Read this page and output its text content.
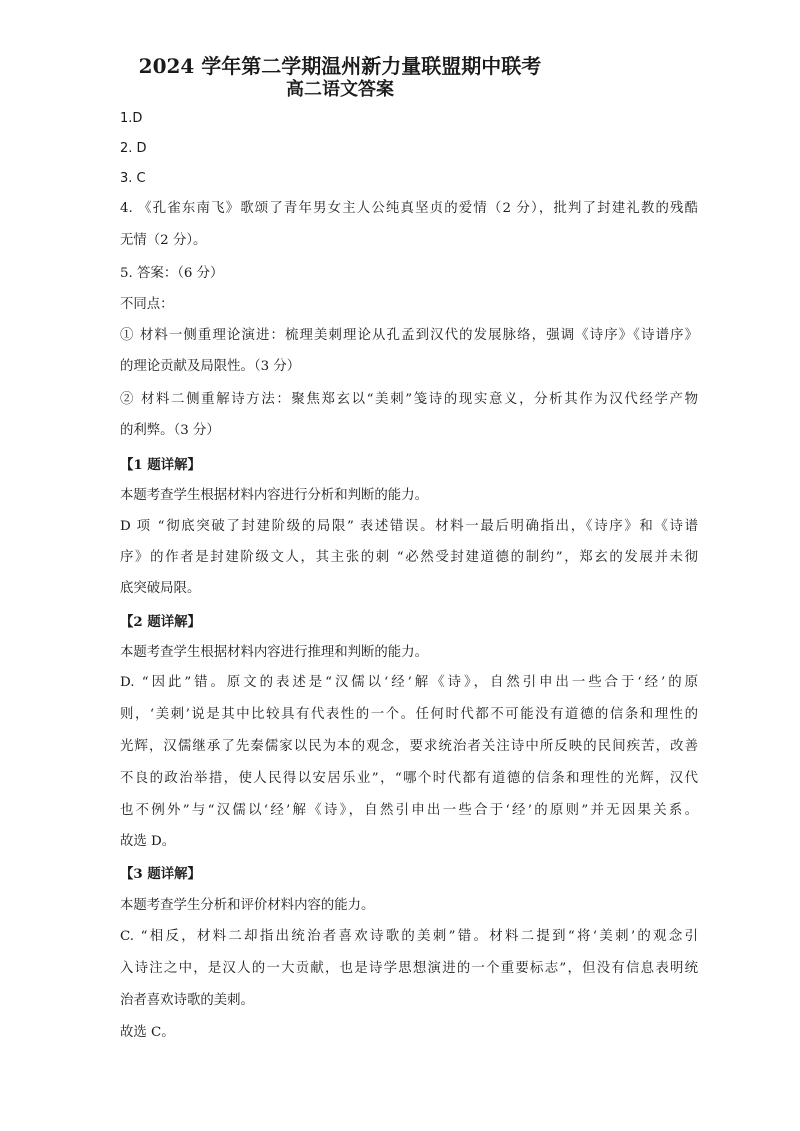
2024 学年第二学期温州新力量联盟期中联考
高二语文答案
1.D
2. D
3. C
4. 《孔雀东南飞》歌颂了青年男女主人公纯真坚贞的爱情（2 分），批判了封建礼教的残酷
无情（2 分）。
5. 答案：（6 分）
不同点：
① 材料一侧重理论演进：梳理美刺理论从孔孟到汉代的发展脉络，强调《诗序》《诗谱序》
的理论贡献及局限性。（3 分）
② 材料二侧重解诗方法：聚焦郑玄以“美刺”笺诗的现实意义，分析其作为汉代经学产物
的利弊。（3 分）
【1 题详解】
本题考查学生根据材料内容进行分析和判断的能力。
D 项 “彻底突破了封建阶级的局限” 表述错误。材料一最后明确指出，《诗序》和《诗谱
序》的作者是封建阶级文人，其主张的刺 “必然受封建道德的制约”，郑玄的发展并未彻
底突破局限。
【2 题详解】
本题考查学生根据材料内容进行推理和判断的能力。
D. “因此”错。原文的表述是“汉儒以‘经’解《诗》，自然引申出一些合于‘经’的原
则，‘美刺’说是其中比较具有代表性的一个。任何时代都不可能没有道德的信条和理性的
光辉，汉儒继承了先秦儒家以民为本的观念，要求统治者关注诗中所反映的民间疾苦，改善
不良的政治举措，使人民得以安居乐业”，“哪个时代都有道德的信条和理性的光辉，汉代
也不例外”与“汉儒以‘经’解《诗》，自然引申出一些合于‘经’的原则”并无因果关系。
故选 D。
【3 题详解】
本题考查学生分析和评价材料内容的能力。
C. “相反，材料二却指出统治者喜欢诗歌的美刺”错。材料二提到“将‘美刺’的观念引
入诗注之中，是汉人的一大贡献，也是诗学思想演进的一个重要标志”，但没有信息表明统
治者喜欢诗歌的美刺。
故选 C。
